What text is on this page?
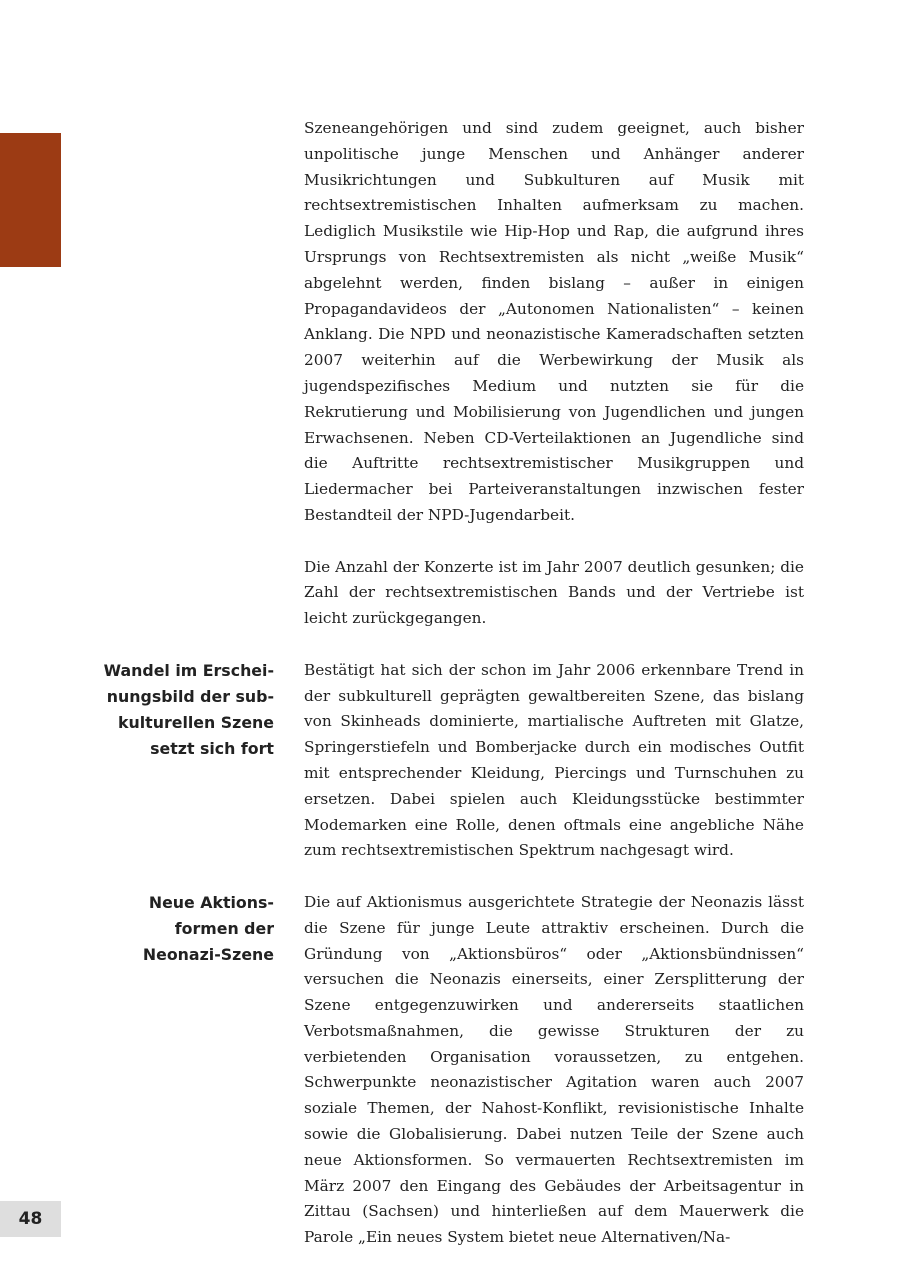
Szeneangehörigen und sind zudem geeignet, auch bisher unpolitische junge Menschen und Anhänger anderer Musikrichtungen und Subkulturen auf Musik mit rechtsextremistischen Inhalten aufmerksam zu machen. Lediglich Musikstile wie Hip-Hop und Rap, die aufgrund ihres Ursprungs von Rechtsextremisten als nicht „weiße Musik“ abgelehnt werden, finden bislang – außer in einigen Propagandavideos der „Autonomen Nationalisten“ – keinen Anklang. Die NPD und neonazistische Kameradschaften setzten 2007 weiterhin auf die Werbewirkung der Musik als jugendspezifisches Medium und nutzten sie für die Rekrutierung und Mobilisierung von Jugendlichen und jungen Erwachsenen. Neben CD-Verteilaktionen an Jugendliche sind die Auftritte rechtsextremistischer Musikgruppen und Liedermacher bei Parteiveranstaltungen inzwischen fester Bestandteil der NPD-Jugendarbeit.

Die Anzahl der Konzerte ist im Jahr 2007 deutlich gesunken; die Zahl der rechtsextremistischen Bands und der Vertriebe ist leicht zurückgegangen.

Wandel im Erschei-
nungsbild der sub-
kulturellen Szene
setzt sich fort

Bestätigt hat sich der schon im Jahr 2006 erkennbare Trend in der subkulturell geprägten gewaltbereiten Szene, das bislang von Skinheads dominierte, martialische Auftreten mit Glatze, Springerstiefeln und Bomberjacke durch ein modisches Outfit mit entsprechender Kleidung, Piercings und Turnschuhen zu ersetzen. Dabei spielen auch Kleidungsstücke bestimmter Modemarken eine Rolle, denen oftmals eine angebliche Nähe zum rechtsextremistischen Spektrum nachgesagt wird.

Neue Aktions-
formen der
Neonazi-Szene

Die auf Aktionismus ausgerichtete Strategie der Neonazis lässt die Szene für junge Leute attraktiv erscheinen. Durch die Gründung von „Aktionsbüros“ oder „Aktionsbündnissen“ versuchen die Neonazis einerseits, einer Zersplitterung der Szene entgegenzuwirken und andererseits staatlichen Verbotsmaßnahmen, die gewisse Strukturen der zu verbietenden Organisation voraussetzen, zu entgehen. Schwerpunkte neonazistischer Agitation waren auch 2007 soziale Themen, der Nahost-Konflikt, revisionistische Inhalte sowie die Globalisierung. Dabei nutzen Teile der Szene auch neue Aktionsformen. So vermauerten Rechtsextremisten im März 2007 den Eingang des Gebäudes der Arbeitsagentur in Zittau (Sachsen) und hinterließen auf dem Mauerwerk die Parole „Ein neues System bietet neue Alternativen/Na-

48
